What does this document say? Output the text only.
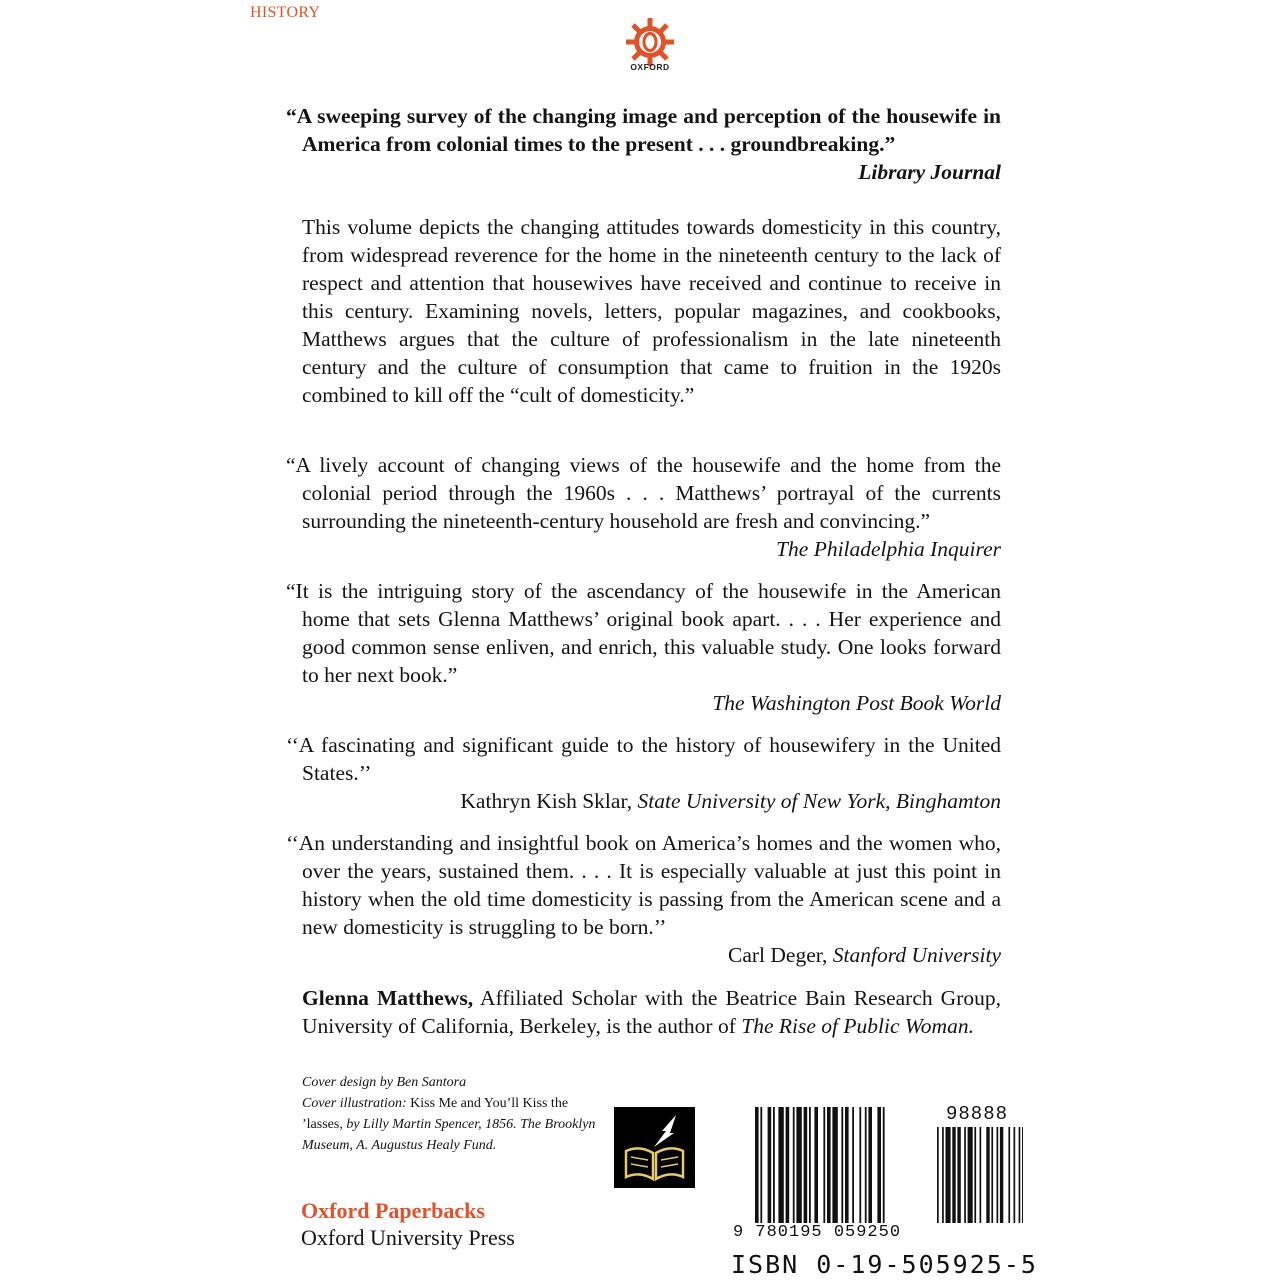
HISTORY
OXFORD

“A sweeping survey of the changing image and perception of the housewife in America from colonial times to the present . . . groundbreaking.”

Library Journal

This volume depicts the changing attitudes towards domesticity in this country, from widespread reverence for the home in the nineteenth century to the lack of respect and attention that housewives have received and continue to receive in this century. Examining novels, letters, popular magazines, and cookbooks, Matthews argues that the culture of professionalism in the late nineteenth century and the culture of consumption that came to fruition in the 1920s combined to kill off the “cult of domesticity.”

“A lively account of changing views of the housewife and the home from the colonial period through the 1960s . . . Matthews’ portrayal of the currents surrounding the nineteenth-century household are fresh and convincing.”

The Philadelphia Inquirer

“It is the intriguing story of the ascendancy of the housewife in the American home that sets Glenna Matthews’ original book apart. . . . Her experience and good common sense enliven, and enrich, this valuable study. One looks forward to her next book.”

The Washington Post Book World

‘‘A fascinating and significant guide to the history of housewifery in the United States.’’

Kathryn Kish Sklar, State University of New York, Binghamton

‘‘An understanding and insightful book on America’s homes and the women who, over the years, sustained them. . . . It is especially valuable at just this point in history when the old time domesticity is passing from the American scene and a new domesticity is struggling to be born.’’

Carl Deger, Stanford University

Glenna Matthews, Affiliated Scholar with the Beatrice Bain Research Group, University of California, Berkeley, is the author of The Rise of Public Woman.

Cover design by Ben Santora
Cover illustration: Kiss Me and You’ll Kiss the ’lasses, by Lilly Martin Spencer, 1856. The Brooklyn Museum, A. Augustus Healy Fund.
Oxford Paperbacks
Oxford University Press
98888
9 780195 059250
ISBN 0-19-505925-5
